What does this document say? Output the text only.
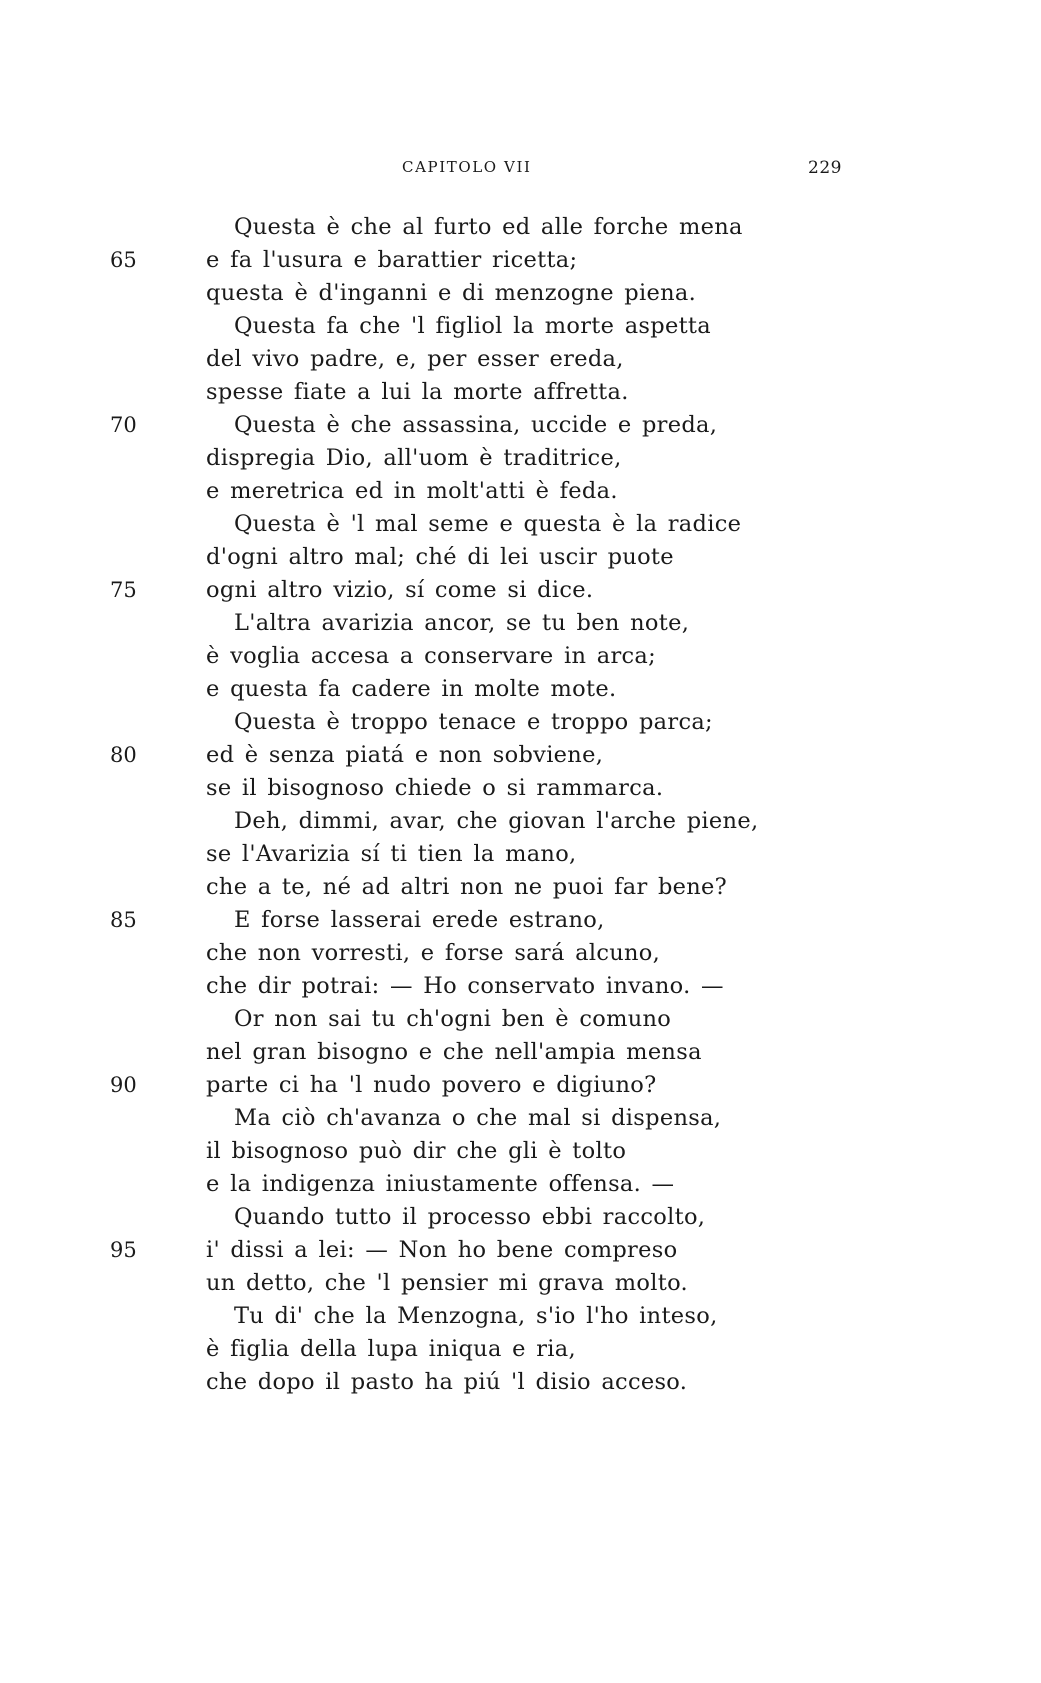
CAPITOLO VII	229
Questa è che al furto ed alle forche mena
65	e fa l'usura e barattier ricetta;
questa è d'inganni e di menzogne piena.
Questa fa che 'l figliol la morte aspetta
del vivo padre, e, per esser ereda,
spesse fiate a lui la morte affretta.
70	Questa è che assassina, uccide e preda,
dispregia Dio, all'uom è traditrice,
e meretrica ed in molt'atti è feda.
Questa è 'l mal seme e questa è la radice
d'ogni altro mal; ché di lei uscir puote
75	ogni altro vizio, sí come si dice.
L'altra avarizia ancor, se tu ben note,
è voglia accesa a conservare in arca;
e questa fa cadere in molte mote.
Questa è troppo tenace e troppo parca;
80	ed è senza piatá e non sobviene,
se il bisognoso chiede o si rammarca.
Deh, dimmi, avar, che giovan l'arche piene,
se l'Avarizia sí ti tien la mano,
che a te, né ad altri non ne puoi far bene?
85	E forse lasserai erede estrano,
che non vorresti, e forse sará alcuno,
che dir potrai: — Ho conservato invano. —
Or non sai tu ch'ogni ben è comuno
nel gran bisogno e che nell'ampia mensa
90	parte ci ha 'l nudo povero e digiuno?
Ma ciò ch'avanza o che mal si dispensa,
il bisognoso può dir che gli è tolto
e la indigenza iniustamente offensa. —
Quando tutto il processo ebbi raccolto,
95	i' dissi a lei: — Non ho bene compreso
un detto, che 'l pensier mi grava molto.
Tu di' che la Menzogna, s'io l'ho inteso,
è figlia della lupa iniqua e ria,
che dopo il pasto ha piú 'l disio acceso.
